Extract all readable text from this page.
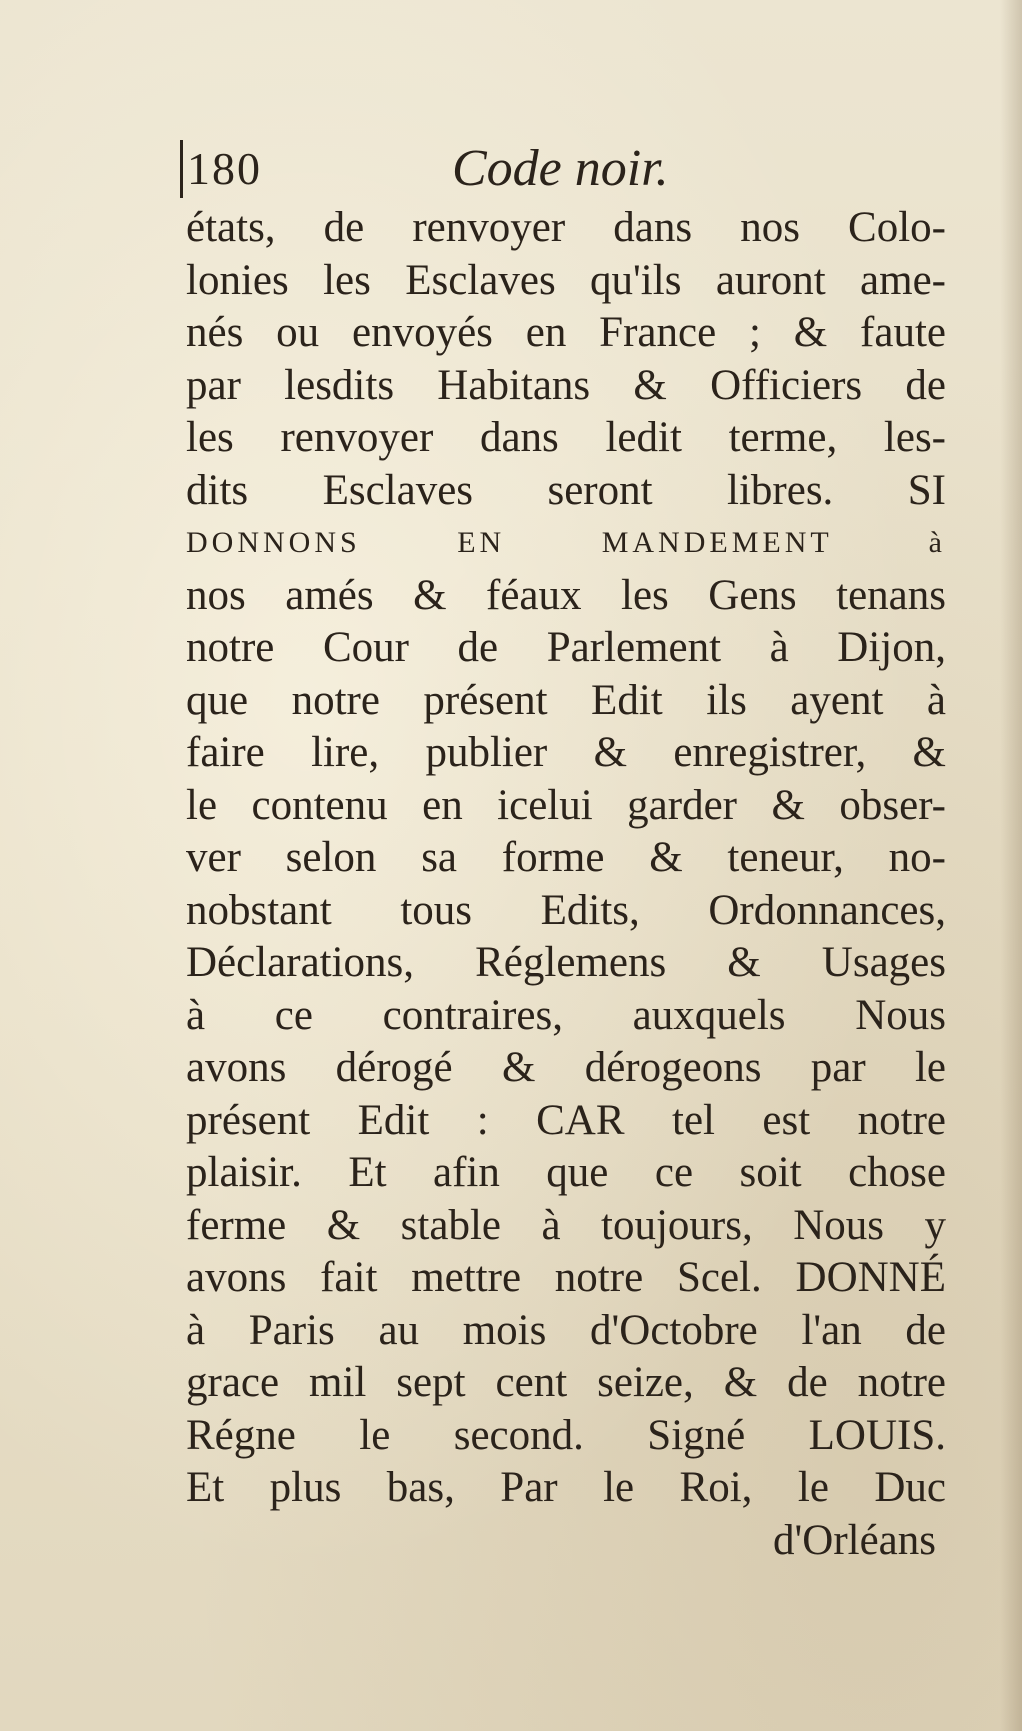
180	Code noir.
états, de renvoyer dans nos Colo-
lonies les Esclaves qu'ils auront ame-
nés ou envoyés en France ; & faute
par lesdits Habitans & Officiers de
les renvoyer dans ledit terme, les-
dits Esclaves seront libres. SI
DONNONS EN MANDEMENT à
nos amés & féaux les Gens tenans
notre Cour de Parlement à Dijon,
que notre présent Edit ils ayent à
faire lire, publier & enregistrer, &
le contenu en icelui garder & obser-
ver selon sa forme & teneur, no-
nobstant tous Edits, Ordonnances,
Déclarations, Réglemens & Usages
à ce contraires, auxquels Nous
avons dérogé & dérogeons par le
présent Edit : CAR tel est notre
plaisir. Et afin que ce soit chose
ferme & stable à toujours, Nous y
avons fait mettre notre Scel. DONNÉ
à Paris au mois d'Octobre l'an de
grace mil sept cent seize, & de notre
Régne le second. Signé LOUIS.
Et plus bas, Par le Roi, le Duc
d'Orléans
